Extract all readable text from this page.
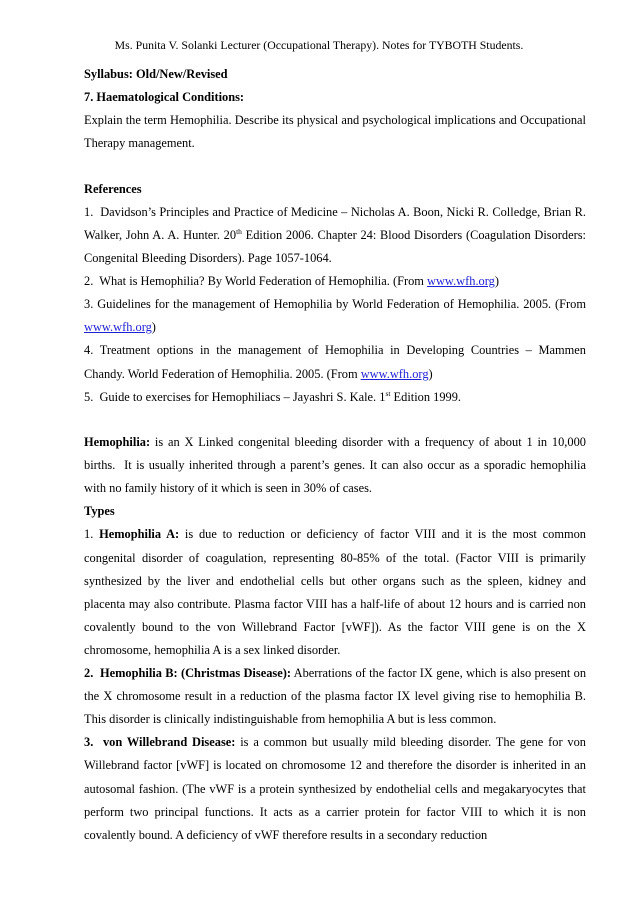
Ms. Punita V. Solanki Lecturer (Occupational Therapy). Notes for TYBOTH Students.

Syllabus: Old/New/Revised

7. Haematological Conditions:

Explain the term Hemophilia. Describe its physical and psychological implications and Occupational Therapy management.

References

1.  Davidson’s Principles and Practice of Medicine – Nicholas A. Boon, Nicki R. Colledge, Brian R. Walker, John A. A. Hunter. 20th Edition 2006. Chapter 24: Blood Disorders (Coagulation Disorders: Congenital Bleeding Disorders). Page 1057-1064.

2.  What is Hemophilia? By World Federation of Hemophilia. (From www.wfh.org)

3. Guidelines for the management of Hemophilia by World Federation of Hemophilia. 2005. (From www.wfh.org)

4. Treatment options in the management of Hemophilia in Developing Countries – Mammen Chandy. World Federation of Hemophilia. 2005. (From www.wfh.org)

5.  Guide to exercises for Hemophiliacs – Jayashri S. Kale. 1st Edition 1999.

Hemophilia: is an X Linked congenital bleeding disorder with a frequency of about 1 in 10,000 births.  It is usually inherited through a parent’s genes. It can also occur as a sporadic hemophilia with no family history of it which is seen in 30% of cases.

Types

1. Hemophilia A: is due to reduction or deficiency of factor VIII and it is the most common congenital disorder of coagulation, representing 80-85% of the total. (Factor VIII is primarily synthesized by the liver and endothelial cells but other organs such as the spleen, kidney and placenta may also contribute. Plasma factor VIII has a half-life of about 12 hours and is carried non covalently bound to the von Willebrand Factor [vWF]). As the factor VIII gene is on the X chromosome, hemophilia A is a sex linked disorder.

2.  Hemophilia B: (Christmas Disease): Aberrations of the factor IX gene, which is also present on the X chromosome result in a reduction of the plasma factor IX level giving rise to hemophilia B. This disorder is clinically indistinguishable from hemophilia A but is less common.

3.  von Willebrand Disease: is a common but usually mild bleeding disorder. The gene for von Willebrand factor [vWF] is located on chromosome 12 and therefore the disorder is inherited in an autosomal fashion. (The vWF is a protein synthesized by endothelial cells and megakaryocytes that perform two principal functions. It acts as a carrier protein for factor VIII to which it is non covalently bound. A deficiency of vWF therefore results in a secondary reduction
